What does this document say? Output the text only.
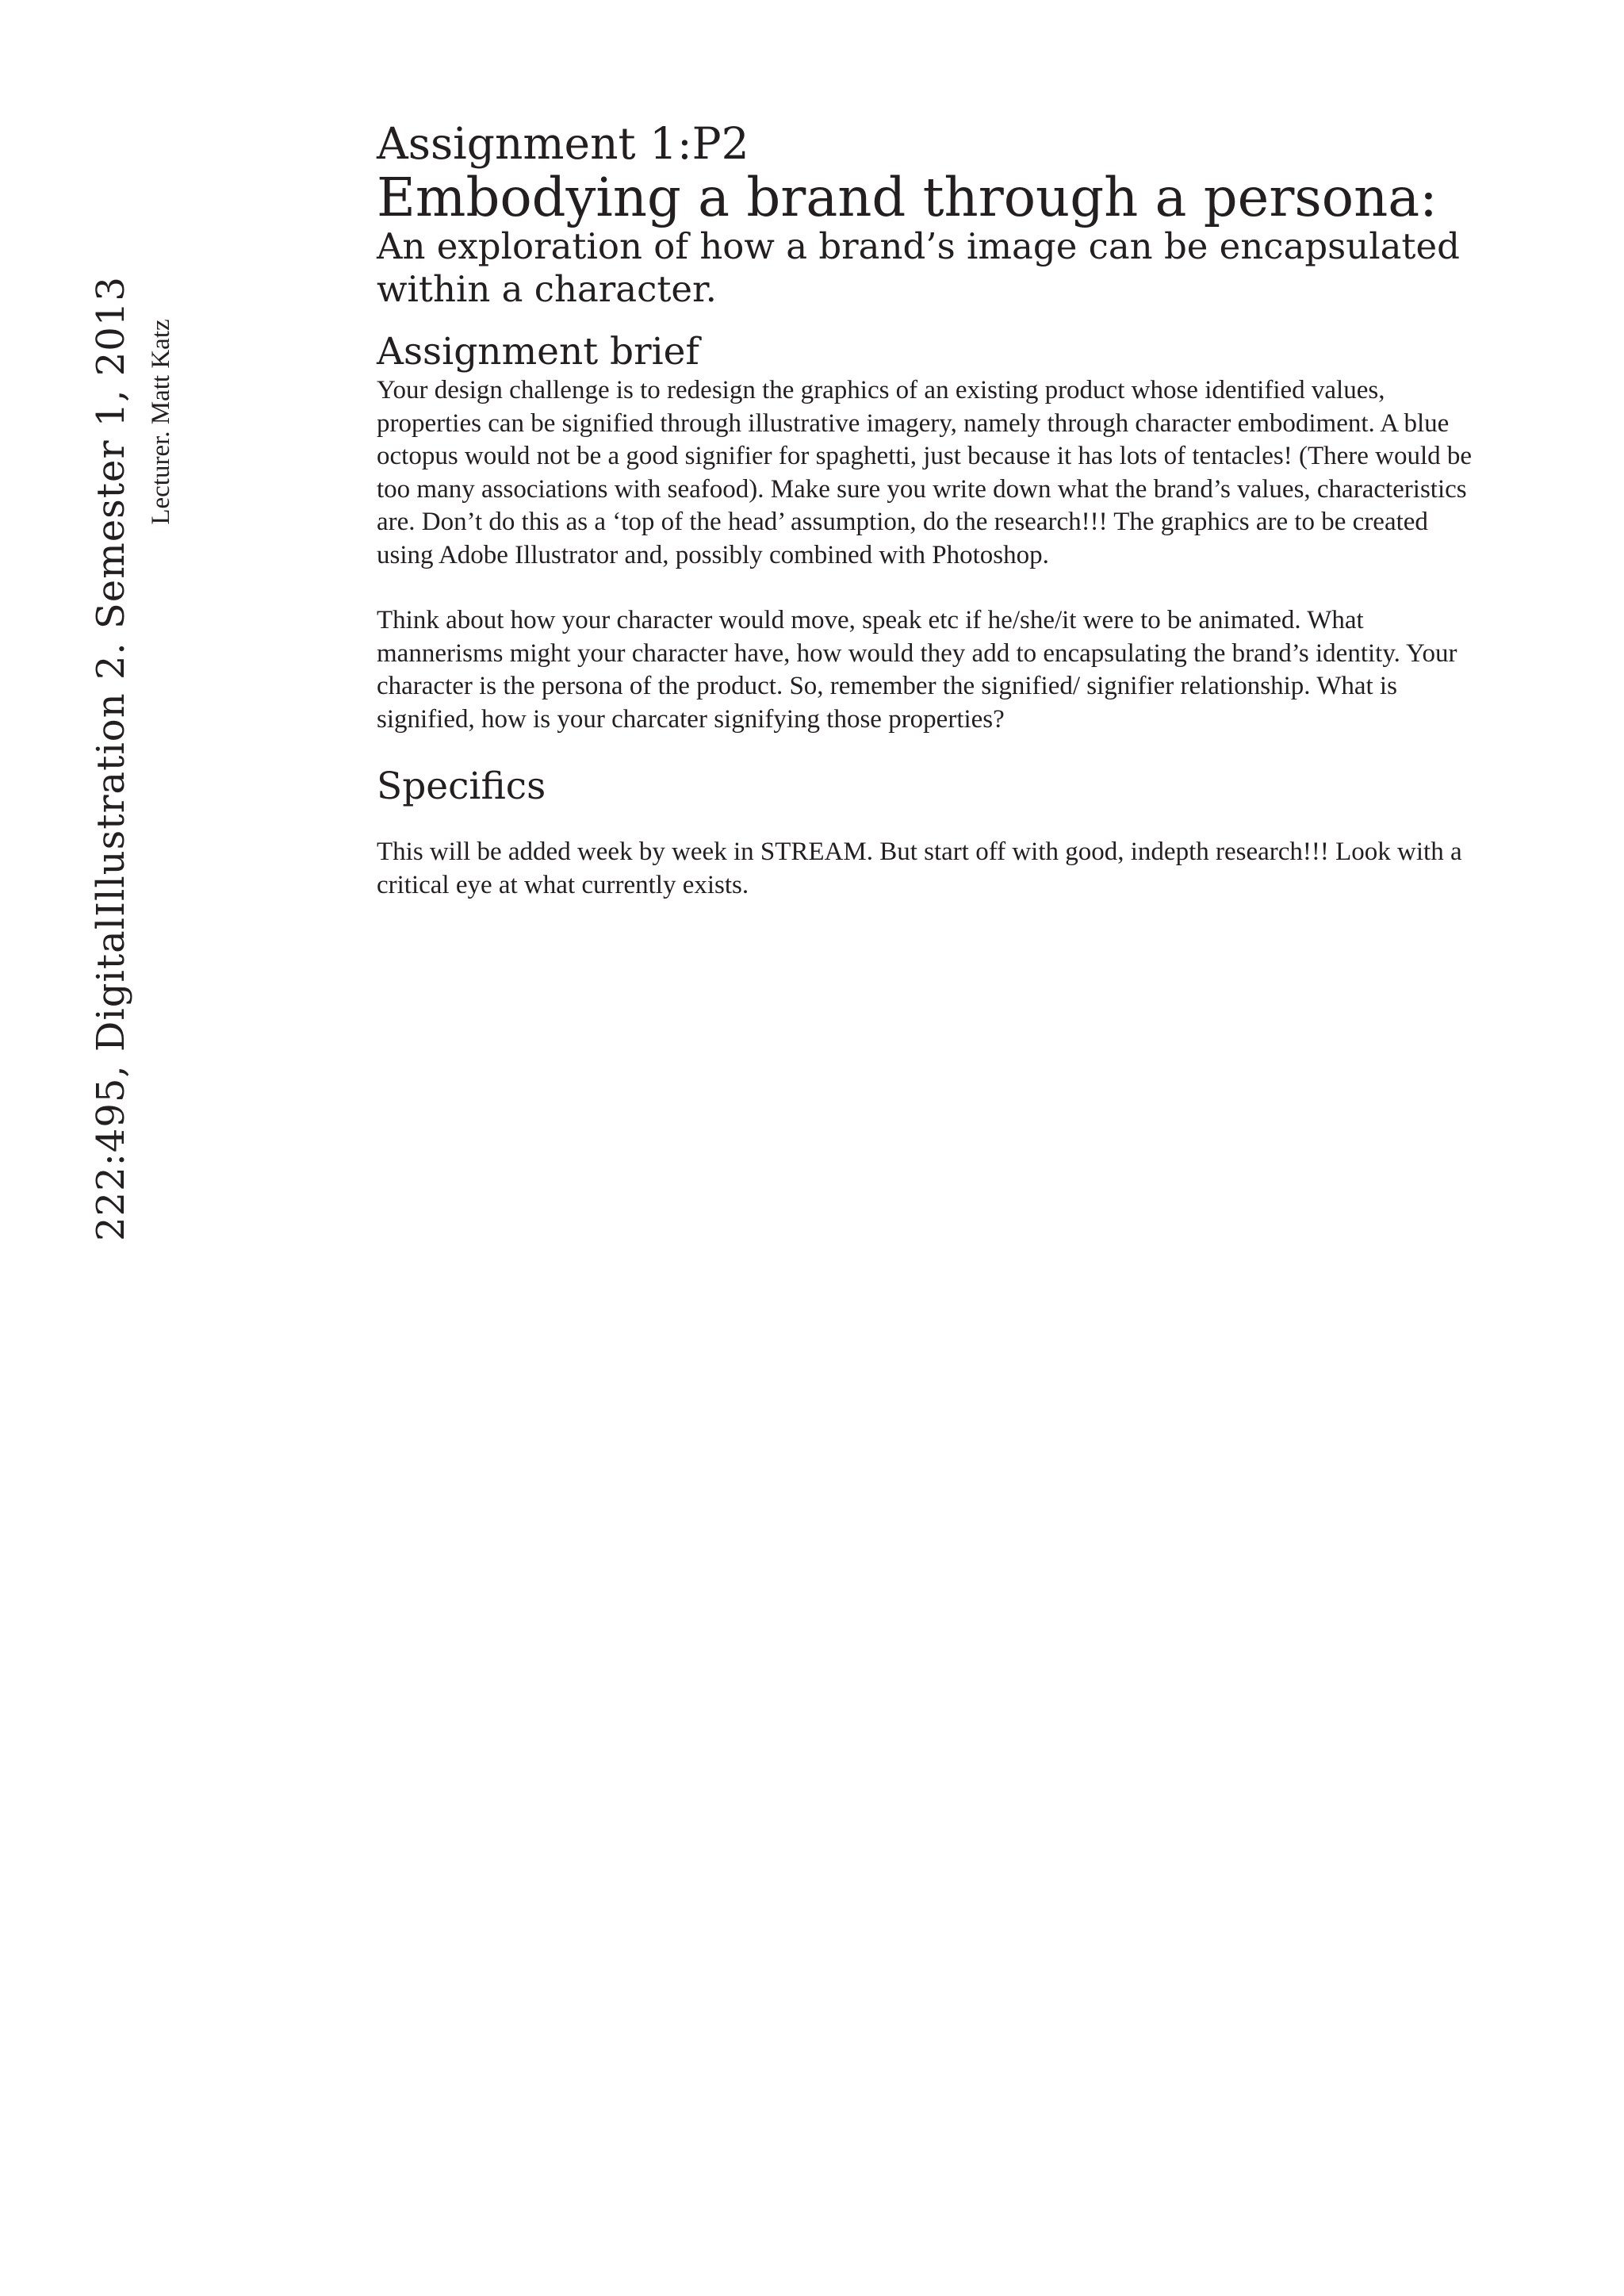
222:495, DigitalIllustration 2. Semester 1, 2013 Lecturer. Matt Katz
Assignment 1:P2
Embodying a brand through a persona:
An exploration of how a brand’s image can be encapsulated within a character.
Assignment brief

Your design challenge is to redesign the graphics of an existing product whose identified values, properties can be signified through illustrative imagery, namely through character embodiment. A blue octopus would not be a good signifier for spaghetti, just because it has lots of tentacles! (There would be too many associations with seafood). Make sure you write down what the brand’s values, characteristics are. Don’t do this as a ‘top of the head’ assumption, do the research!!! The graphics are to be created using Adobe Illustrator and, possibly combined with Photoshop.

Think about how your character would move, speak etc if he/she/it were to be animated. What mannerisms might your character have, how would they add to encapsulating the brand’s identity. Your character is the persona of the product. So, remember the signified/ signifier relationship. What is signified, how is your charcater signifying those properties?

Specifics

This will be added week by week in STREAM. But start off with good, indepth research!!! Look with a critical eye at what currently exists.
